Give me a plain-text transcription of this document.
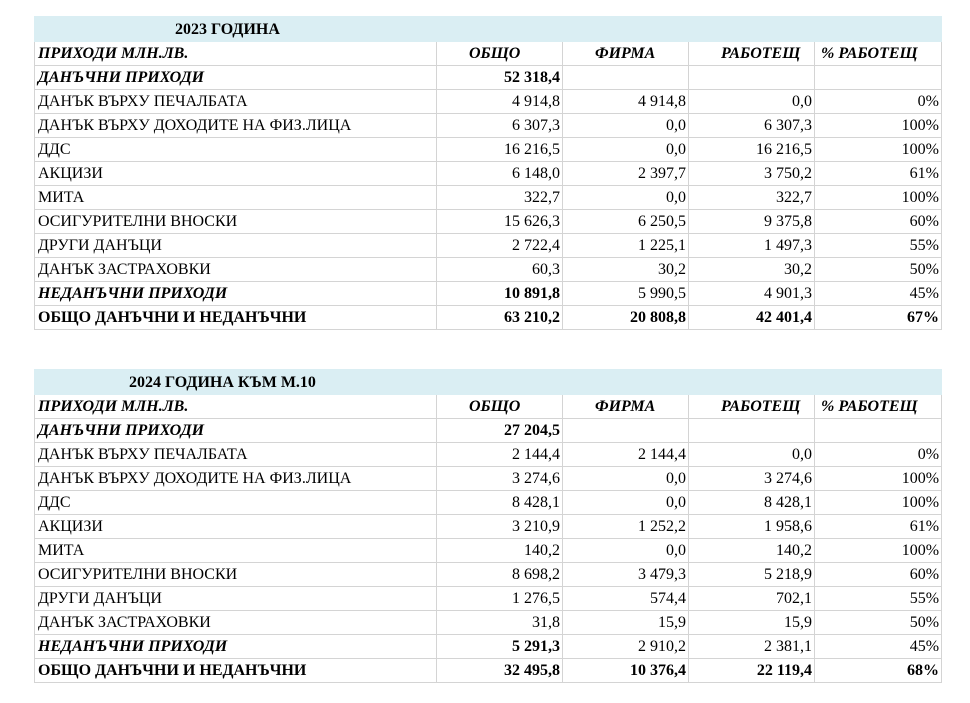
2023 ГОДИНА				
ПРИХОДИ МЛН.ЛВ.	ОБЩО	ФИРМА	РАБОТЕЩ	% РАБОТЕЩ
ДАНЪЧНИ ПРИХОДИ	52 318,4			
ДАНЪК ВЪРХУ ПЕЧАЛБАТА	4 914,8	4 914,8	0,0	0%
ДАНЪК ВЪРХУ ДОХОДИТЕ НА ФИЗ.ЛИЦА	6 307,3	0,0	6 307,3	100%
ДДС	16 216,5	0,0	16 216,5	100%
АКЦИЗИ	6 148,0	2 397,7	3 750,2	61%
МИТА	322,7	0,0	322,7	100%
ОСИГУРИТЕЛНИ ВНОСКИ	15 626,3	6 250,5	9 375,8	60%
ДРУГИ ДАНЪЦИ	2 722,4	1 225,1	1 497,3	55%
ДАНЪК ЗАСТРАХОВКИ	60,3	30,2	30,2	50%
НЕДАНЪЧНИ ПРИХОДИ	10 891,8	5 990,5	4 901,3	45%
ОБЩО ДАНЪЧНИ И НЕДАНЪЧНИ	63 210,2	20 808,8	42 401,4	67%
2024 ГОДИНА КЪМ М.10				
ПРИХОДИ МЛН.ЛВ.	ОБЩО	ФИРМА	РАБОТЕЩ	% РАБОТЕЩ
ДАНЪЧНИ ПРИХОДИ	27 204,5			
ДАНЪК ВЪРХУ ПЕЧАЛБАТА	2 144,4	2 144,4	0,0	0%
ДАНЪК ВЪРХУ ДОХОДИТЕ НА ФИЗ.ЛИЦА	3 274,6	0,0	3 274,6	100%
ДДС	8 428,1	0,0	8 428,1	100%
АКЦИЗИ	3 210,9	1 252,2	1 958,6	61%
МИТА	140,2	0,0	140,2	100%
ОСИГУРИТЕЛНИ ВНОСКИ	8 698,2	3 479,3	5 218,9	60%
ДРУГИ ДАНЪЦИ	1 276,5	574,4	702,1	55%
ДАНЪК ЗАСТРАХОВКИ	31,8	15,9	15,9	50%
НЕДАНЪЧНИ ПРИХОДИ	5 291,3	2 910,2	2 381,1	45%
ОБЩО ДАНЪЧНИ И НЕДАНЪЧНИ	32 495,8	10 376,4	22 119,4	68%
